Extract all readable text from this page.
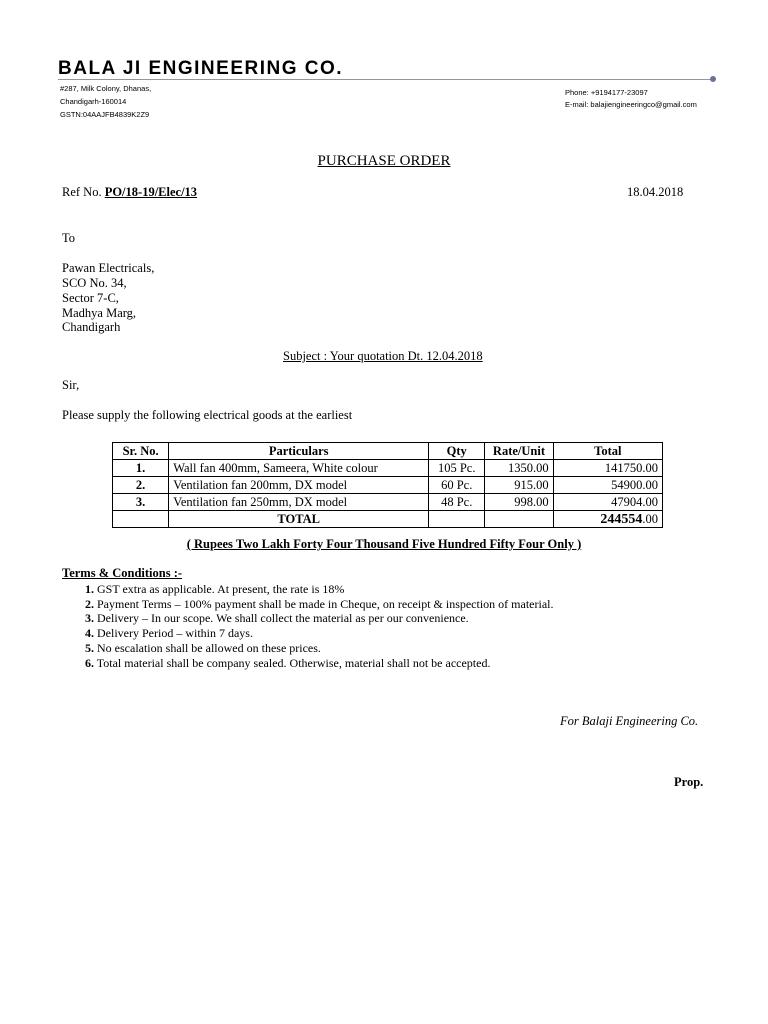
BALA JI ENGINEERING CO.
#287, Milk Colony, Dhanas,
Chandigarh-160014
GSTN:04AAJFB4839K2Z9
Phone: +9194177-23097
E-mail: balajiengineeringco@gmail.com
PURCHASE ORDER
Ref No. PO/18-19/Elec/13	18.04.2018
To
Pawan Electricals,
SCO No. 34,
Sector 7-C,
Madhya Marg,
Chandigarh
Subject : Your quotation Dt. 12.04.2018
Sir,
Please supply the following electrical goods at the earliest
Sr. No.	Particulars	Qty	Rate/Unit	Total
1.	Wall fan 400mm, Sameera, White colour	105 Pc.	1350.00	141750.00
2.	Ventilation fan 200mm, DX model	60 Pc.	915.00	54900.00
3.	Ventilation fan 250mm, DX model	48 Pc.	998.00	47904.00
	TOTAL			244554.00
( Rupees Two Lakh Forty Four Thousand Five Hundred Fifty Four Only )
Terms & Conditions :-
1. GST extra as applicable. At present, the rate is 18%
2. Payment Terms – 100% payment shall be made in Cheque, on receipt & inspection of material.
3. Delivery – In our scope. We shall collect the material as per our convenience.
4. Delivery Period – within 7 days.
5. No escalation shall be allowed on these prices.
6. Total material shall be company sealed. Otherwise, material shall not be accepted.
For Balaji Engineering Co.
Prop.
